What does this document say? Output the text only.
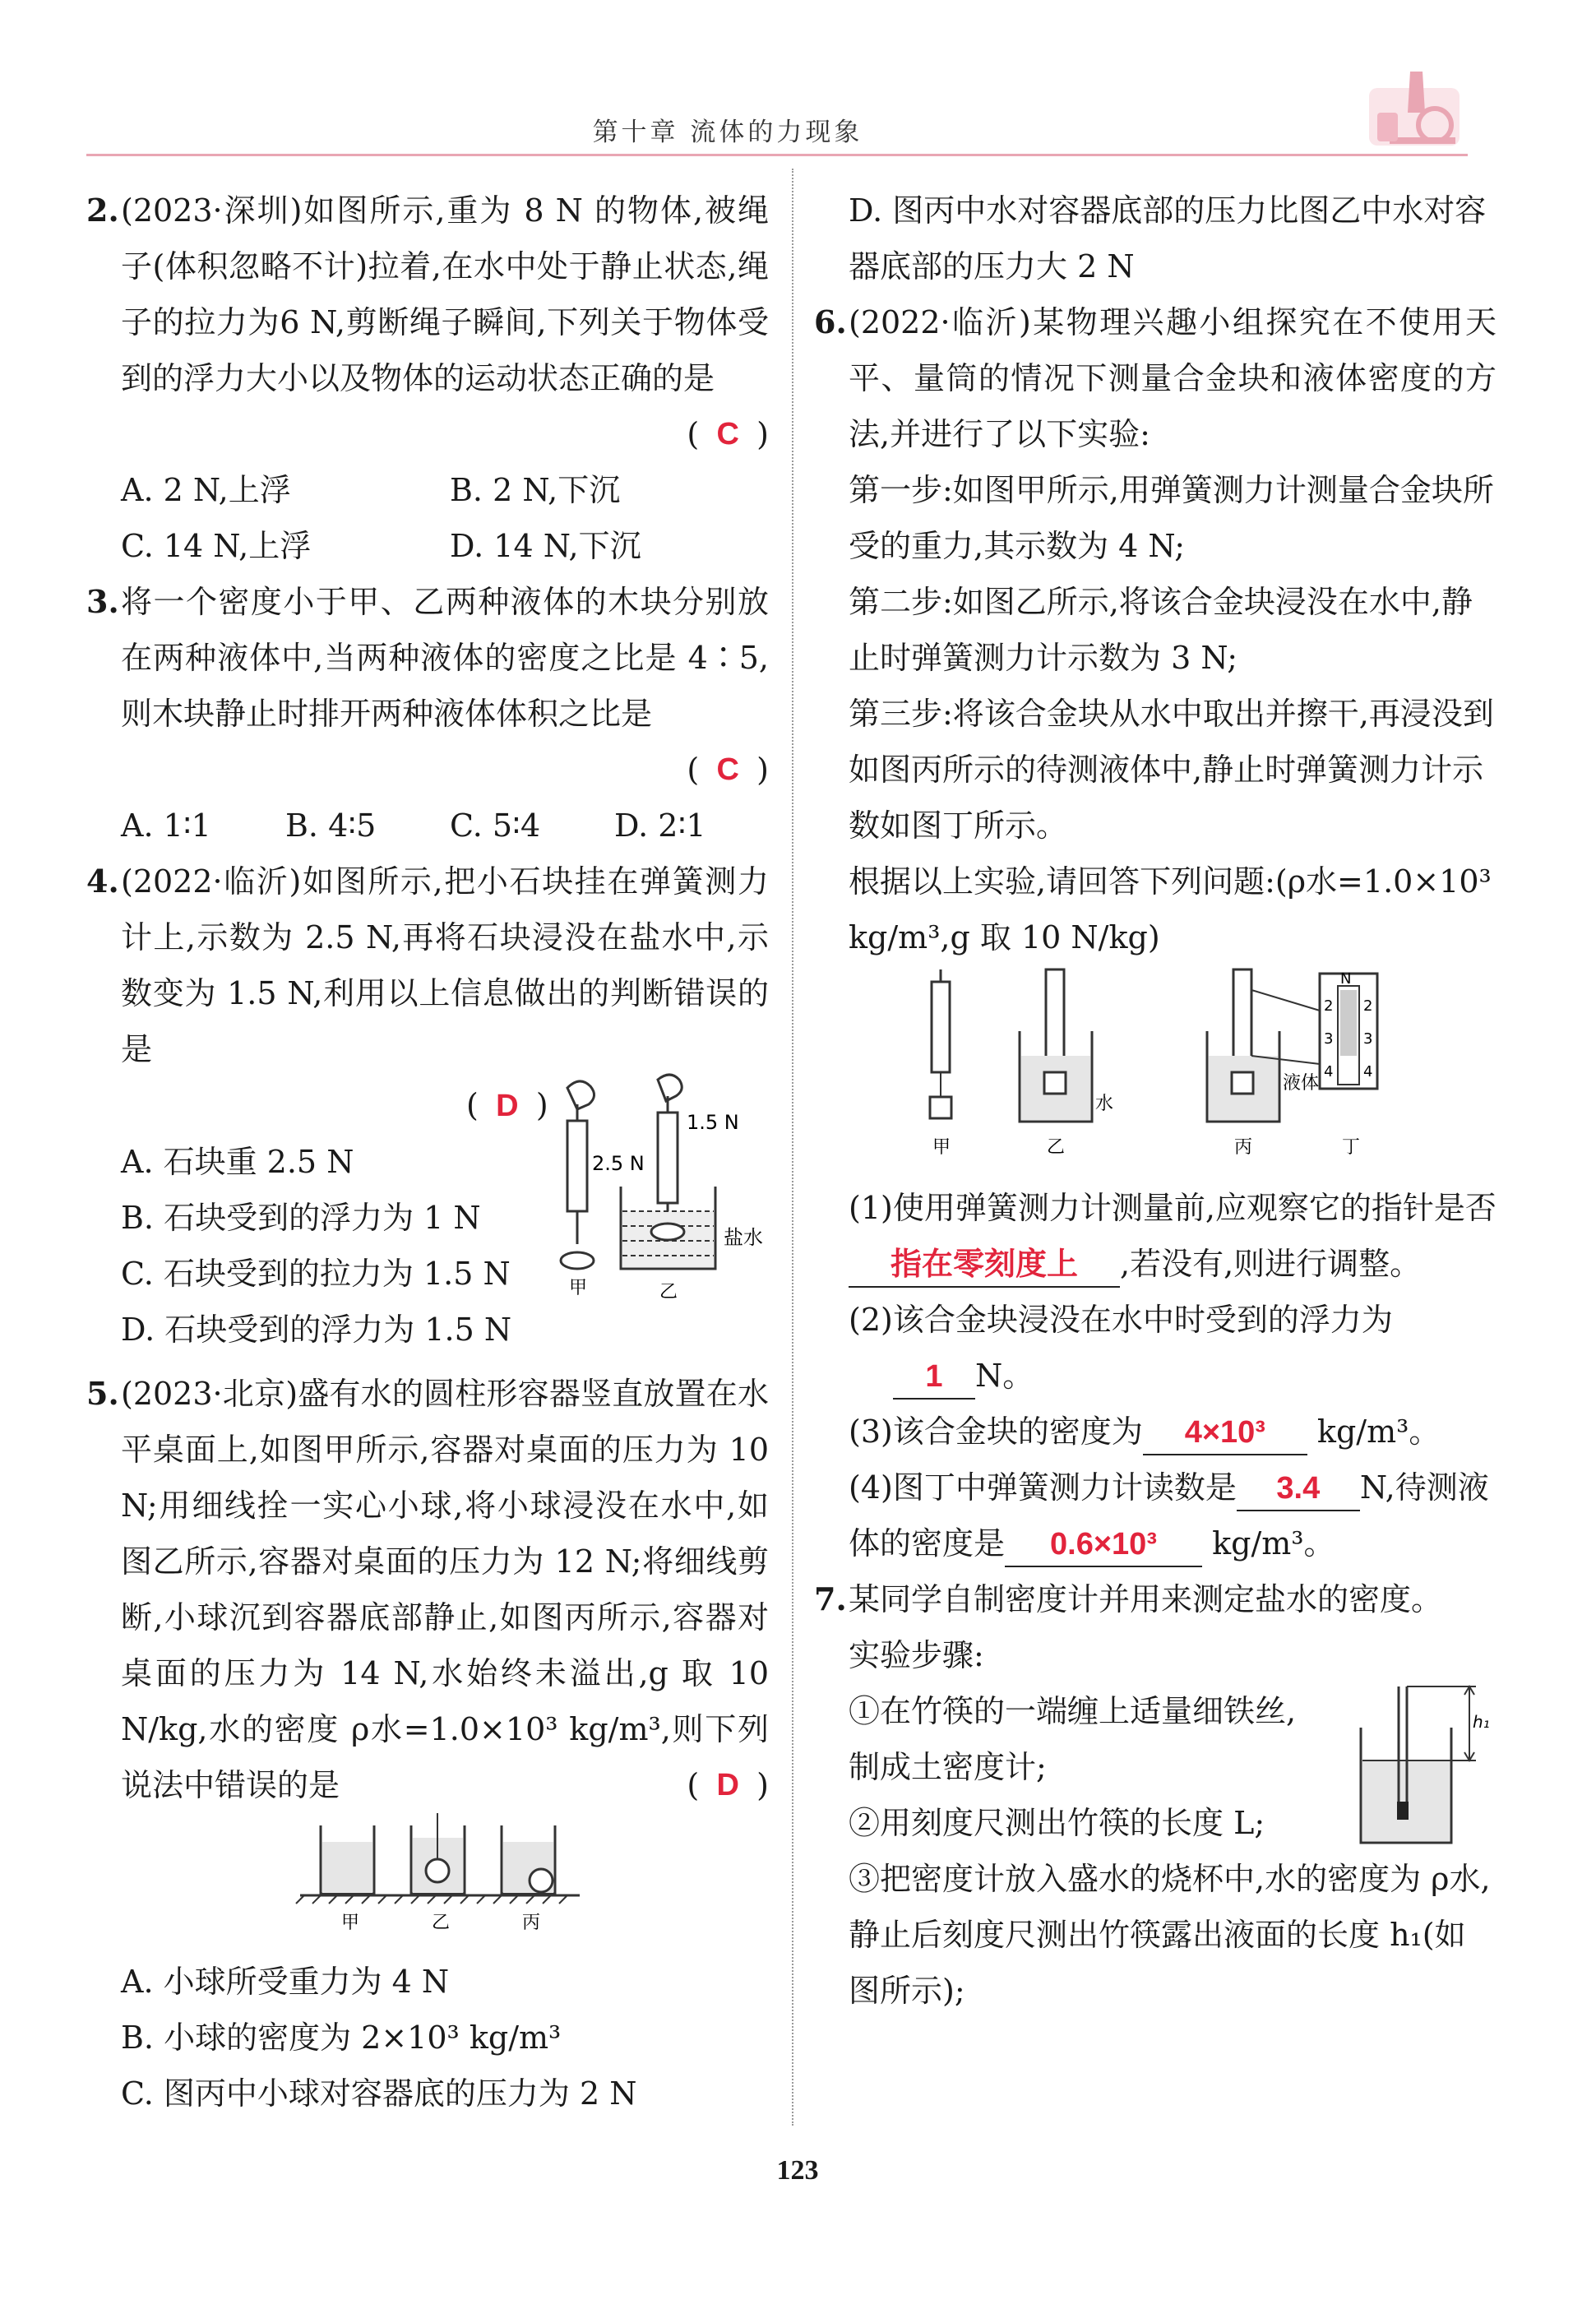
第十章 流体的力现象
2. (2023·深圳)如图所示,重为 8 N 的物体,被绳子(体积忽略不计)拉着,在水中处于静止状态,绳子的拉力为6 N,剪断绳子瞬间,下列关于物体受到的浮力大小以及物体的运动状态正确的是
( C )
A. 2 N,上浮	B. 2 N,下沉
C. 14 N,上浮	D. 14 N,下沉
3. 将一个密度小于甲、乙两种液体的木块分别放在两种液体中,当两种液体的密度之比是 4∶5,则木块静止时排开两种液体体积之比是
( C )
A. 1∶1	B. 4∶5	C. 5∶4	D. 2∶1
4. (2022·临沂)如图所示,把小石块挂在弹簧测力计上,示数为 2.5 N,再将石块浸没在盐水中,示数变为 1.5 N,利用以上信息做出的判断错误的是
( D )
A. 石块重 2.5 N
B. 石块受到的浮力为 1 N
C. 石块受到的拉力为 1.5 N
D. 石块受到的浮力为 1.5 N
2.5 N
甲
1.5 N
盐水
乙
5. (2023·北京)盛有水的圆柱形容器竖直放置在水平桌面上,如图甲所示,容器对桌面的压力为 10 N;用细线拴一实心小球,将小球浸没在水中,如图乙所示,容器对桌面的压力为 12 N;将细线剪断,小球沉到容器底部静止,如图丙所示,容器对桌面的压力为 14 N,水始终未溢出,g 取 10 N/kg,水的密度 ρ水=1.0×10³ kg/m³,则下列说法中错误的是	( D )
甲	乙	丙
A. 小球所受重力为 4 N
B. 小球的密度为 2×10³ kg/m³
C. 图丙中小球对容器底的压力为 2 N
D. 图丙中水对容器底部的压力比图乙中水对容器底部的压力大 2 N
6. (2022·临沂)某物理兴趣小组探究在不使用天平、量筒的情况下测量合金块和液体密度的方法,并进行了以下实验:
第一步:如图甲所示,用弹簧测力计测量合金块所受的重力,其示数为 4 N;
第二步:如图乙所示,将该合金块浸没在水中,静止时弹簧测力计示数为 3 N;
第三步:将该合金块从水中取出并擦干,再浸没到如图丙所示的待测液体中,静止时弹簧测力计示数如图丁所示。
根据以上实验,请回答下列问题:(ρ水=1.0×10³ kg/m³,g 取 10 N/kg)
甲
水
乙
液体
丙
N
2 2
3 3
4 4
丁
(1)使用弹簧测力计测量前,应观察它的指针是否指在零刻度上 ,若没有,则进行调整。
(2)该合金块浸没在水中时受到的浮力为
1 N。
(3)该合金块的密度为 4×10³ kg/m³。
(4)图丁中弹簧测力计读数是 3.4 N,待测液体的密度是 0.6×10³ kg/m³。
7. 某同学自制密度计并用来测定盐水的密度。
实验步骤:
①在竹筷的一端缠上适量细铁丝,制成土密度计;
②用刻度尺测出竹筷的长度 L;
③把密度计放入盛水的烧杯中,水的密度为 ρ水,静止后刻度尺测出竹筷露出液面的长度 h₁(如图所示);
h₁
123
